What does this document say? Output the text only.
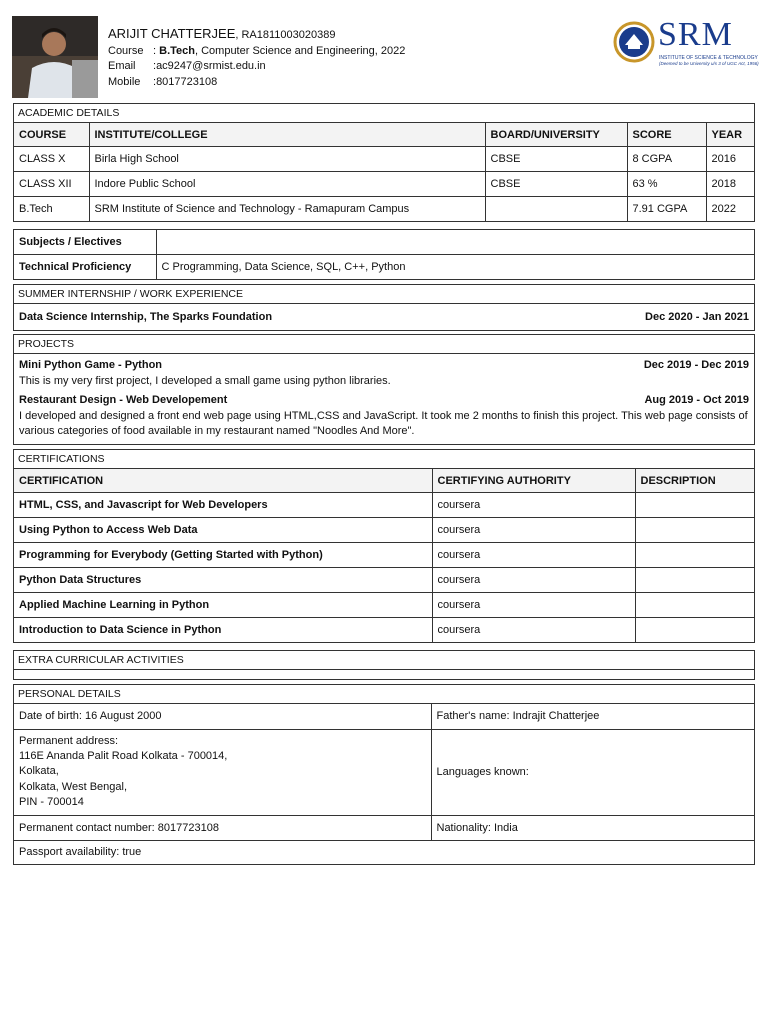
ARIJIT CHATTERJEE, RA1811003020389
Course : B.Tech, Computer Science and Engineering, 2022
Email :ac9247@srmist.edu.in
Mobile :8017723108
SRM
INSTITUTE OF SCIENCE & TECHNOLOGY
(Deemed to be University u/s 3 of UGC Act, 1956)
ACADEMIC DETAILS
COURSE	INSTITUTE/COLLEGE	BOARD/UNIVERSITY	SCORE	YEAR
CLASS X	Birla High School	CBSE	8 CGPA	2016
CLASS XII	Indore Public School	CBSE	63 %	2018
B.Tech	SRM Institute of Science and Technology - Ramapuram Campus		7.91 CGPA	2022
Subjects / Electives	
Technical Proficiency	C Programming, Data Science, SQL, C++, Python
SUMMER INTERNSHIP / WORK EXPERIENCE
Data Science Internship, The Sparks Foundation	Dec 2020 - Jan 2021
PROJECTS
Mini Python Game - Python	Dec 2019 - Dec 2019
This is my very first project, I developed a small game using python libraries.
Restaurant Design - Web Developement	Aug 2019 - Oct 2019
I developed and designed a front end web page using HTML,CSS and JavaScript. It took me 2 months to finish this project. This web page consists of various categories of food available in my restaurant named "Noodles And More".
CERTIFICATIONS
CERTIFICATION	CERTIFYING AUTHORITY	DESCRIPTION
HTML, CSS, and Javascript for Web Developers	coursera	
Using Python to Access Web Data	coursera	
Programming for Everybody (Getting Started with Python)	coursera	
Python Data Structures	coursera	
Applied Machine Learning in Python	coursera	
Introduction to Data Science in Python	coursera	
EXTRA CURRICULAR ACTIVITIES
PERSONAL DETAILS
Date of birth: 16 August 2000	Father's name: Indrajit Chatterjee

Permanent address:
116E Ananda Palit Road Kolkata - 700014,
Kolkata,
Kolkata, West Bengal,
PIN - 700014	Languages known:
Permanent contact number: 8017723108	Nationality: India
Passport availability: true	
